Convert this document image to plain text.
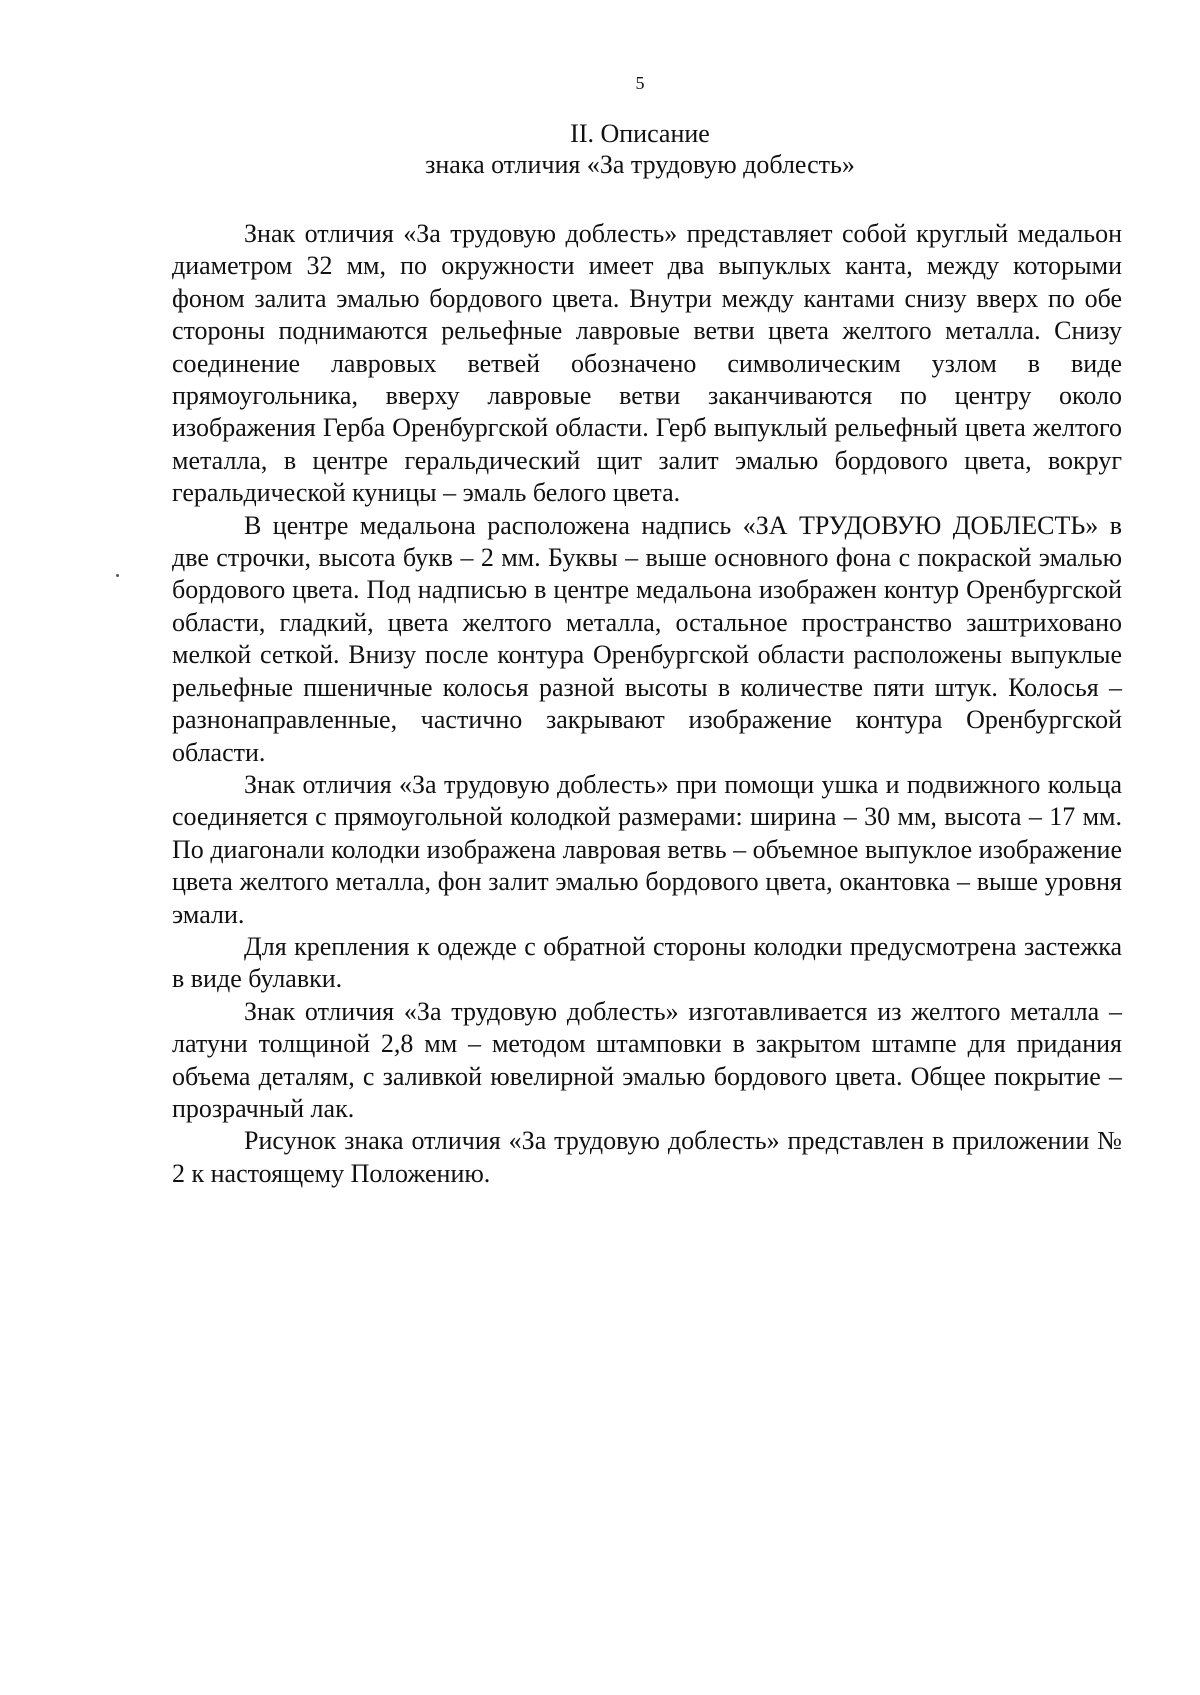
5
II. Описание
знака отличия «За трудовую доблесть»

Знак отличия «За трудовую доблесть» представляет собой круглый медальон диаметром 32 мм, по окружности имеет два выпуклых канта, между которыми фоном залита эмалью бордового цвета. Внутри между кантами снизу вверх по обе стороны поднимаются рельефные лавровые ветви цвета желтого металла. Снизу соединение лавровых ветвей обозначено символическим узлом в виде прямоугольника, вверху лавровые ветви заканчиваются по центру около изображения Герба Оренбургской области. Герб выпуклый рельефный цвета желтого металла, в центре геральдический щит залит эмалью бордового цвета, вокруг геральдической куницы – эмаль белого цвета.

В центре медальона расположена надпись «ЗА ТРУДОВУЮ ДОБЛЕСТЬ» в две строчки, высота букв – 2 мм. Буквы – выше основного фона с покраской эмалью бордового цвета. Под надписью в центре медальона изображен контур Оренбургской области, гладкий, цвета желтого металла, остальное пространство заштриховано мелкой сеткой. Внизу после контура Оренбургской области расположены выпуклые рельефные пшеничные колосья разной высоты в количестве пяти штук. Колосья – разнонаправленные, частично закрывают изображение контура Оренбургской области.

Знак отличия «За трудовую доблесть» при помощи ушка и подвижного кольца соединяется с прямоугольной колодкой размерами: ширина – 30 мм, высота – 17 мм. По диагонали колодки изображена лавровая ветвь – объемное выпуклое изображение цвета желтого металла, фон залит эмалью бордового цвета, окантовка – выше уровня эмали.

Для крепления к одежде с обратной стороны колодки предусмотрена застежка в виде булавки.

Знак отличия «За трудовую доблесть» изготавливается из желтого металла – латуни толщиной 2,8 мм – методом штамповки в закрытом штампе для придания объема деталям, с заливкой ювелирной эмалью бордового цвета. Общее покрытие – прозрачный лак.

Рисунок знака отличия «За трудовую доблесть» представлен в приложении № 2 к настоящему Положению.
